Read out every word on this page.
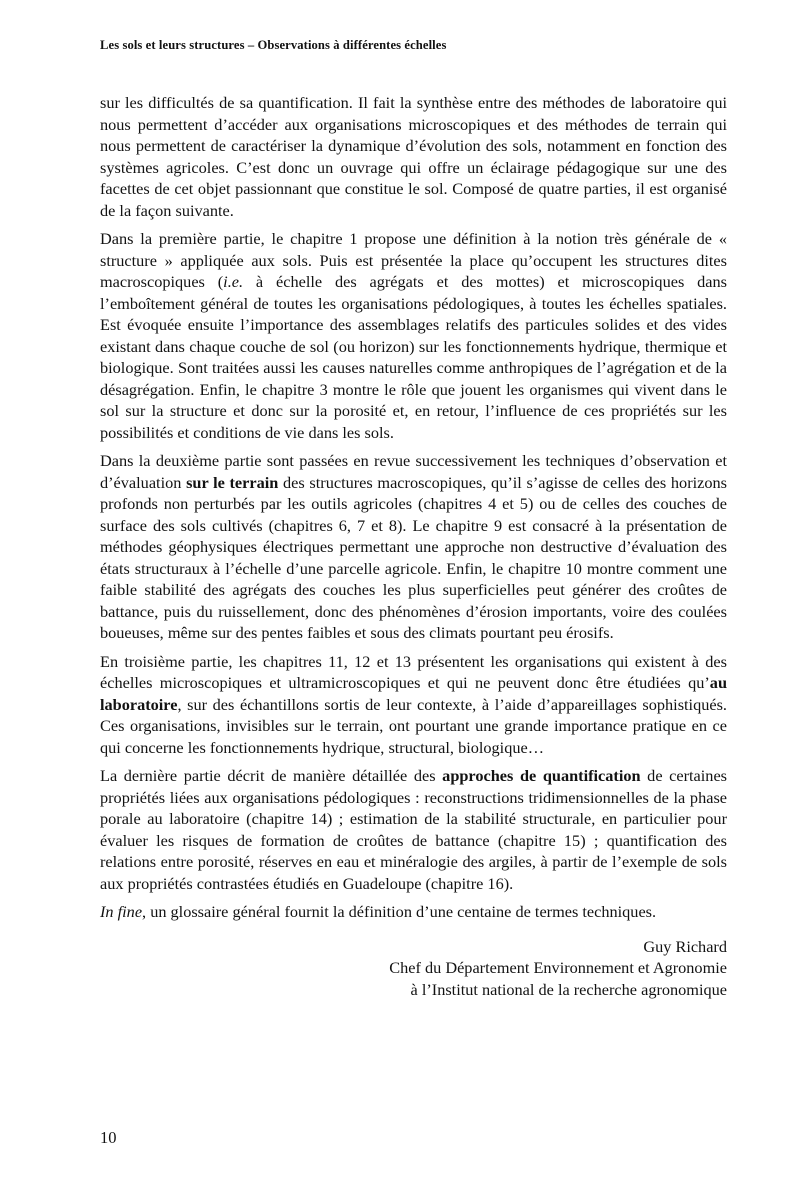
Les sols et leurs structures – Observations à différentes échelles

sur les difficultés de sa quantification. Il fait la synthèse entre des méthodes de laboratoire qui nous permettent d’accéder aux organisations microscopiques et des méthodes de terrain qui nous permettent de caractériser la dynamique d’évolution des sols, notamment en fonction des systèmes agricoles. C’est donc un ouvrage qui offre un éclairage pédagogique sur une des facettes de cet objet passionnant que constitue le sol. Composé de quatre parties, il est organisé de la façon suivante.

Dans la première partie, le chapitre 1 propose une définition à la notion très générale de « structure » appliquée aux sols. Puis est présentée la place qu’occupent les structures dites macroscopiques (i.e. à échelle des agrégats et des mottes) et microscopiques dans l’emboîtement général de toutes les organisations pédologiques, à toutes les échelles spatiales. Est évoquée ensuite l’importance des assemblages relatifs des particules solides et des vides existant dans chaque couche de sol (ou horizon) sur les fonctionnements hydrique, thermique et biologique. Sont traitées aussi les causes naturelles comme anthropiques de l’agrégation et de la désagrégation. Enfin, le chapitre 3 montre le rôle que jouent les organismes qui vivent dans le sol sur la structure et donc sur la porosité et, en retour, l’influence de ces propriétés sur les possibilités et conditions de vie dans les sols.

Dans la deuxième partie sont passées en revue successivement les techniques d’observation et d’évaluation sur le terrain des structures macroscopiques, qu’il s’agisse de celles des horizons profonds non perturbés par les outils agricoles (chapitres 4 et 5) ou de celles des couches de surface des sols cultivés (chapitres 6, 7 et 8). Le chapitre 9 est consacré à la présentation de méthodes géophysiques électriques permettant une approche non destructive d’évaluation des états structuraux à l’échelle d’une parcelle agricole. Enfin, le chapitre 10 montre comment une faible stabilité des agrégats des couches les plus superficielles peut générer des croûtes de battance, puis du ruissellement, donc des phénomènes d’érosion importants, voire des coulées boueuses, même sur des pentes faibles et sous des climats pourtant peu érosifs.

En troisième partie, les chapitres 11, 12 et 13 présentent les organisations qui existent à des échelles microscopiques et ultramicroscopiques et qui ne peuvent donc être étudiées qu’au laboratoire, sur des échantillons sortis de leur contexte, à l’aide d’appareillages sophistiqués. Ces organisations, invisibles sur le terrain, ont pourtant une grande importance pratique en ce qui concerne les fonctionnements hydrique, structural, biologique…

La dernière partie décrit de manière détaillée des approches de quantification de certaines propriétés liées aux organisations pédologiques : reconstructions tridimensionnelles de la phase porale au laboratoire (chapitre 14) ; estimation de la stabilité structurale, en particulier pour évaluer les risques de formation de croûtes de battance (chapitre 15) ; quantification des relations entre porosité, réserves en eau et minéralogie des argiles, à partir de l’exemple de sols aux propriétés contrastées étudiés en Guadeloupe (chapitre 16).

In fine, un glossaire général fournit la définition d’une centaine de termes techniques.

Guy Richard
Chef du Département Environnement et Agronomie
à l’Institut national de la recherche agronomique
10
